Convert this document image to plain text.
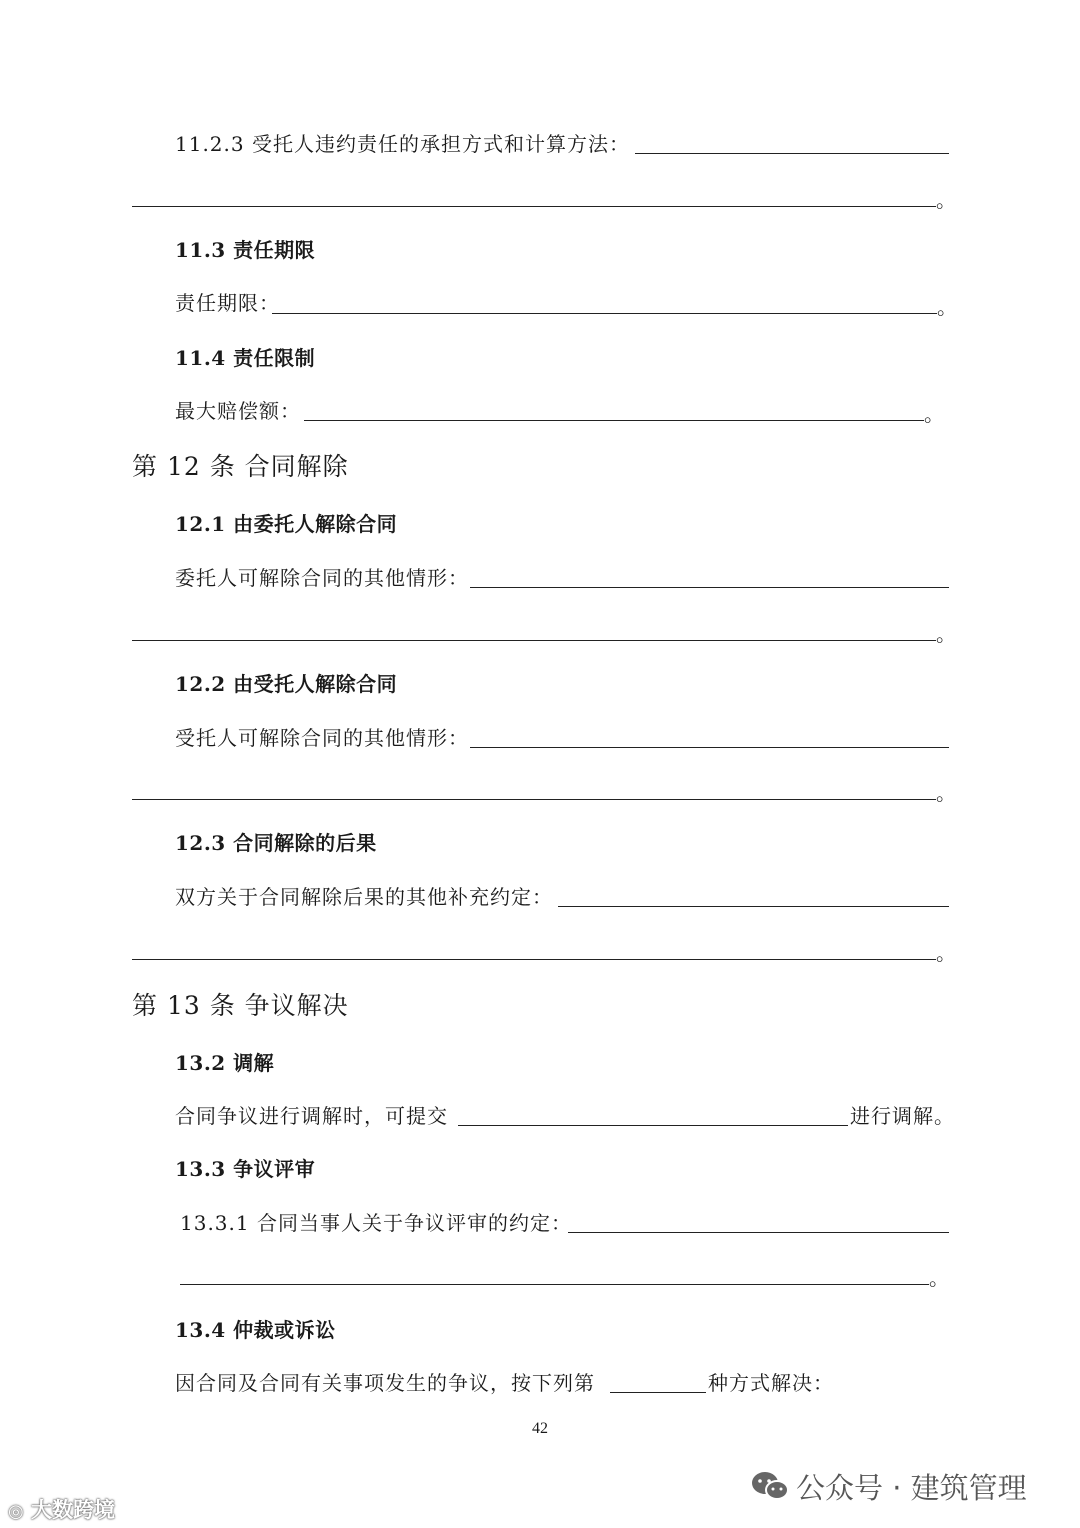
11.2.3 受托人违约责任的承担方式和计算方法：
。
11.3 责任期限
责任期限：	。
11.4 责任限制
最大赔偿额：	。
第 12 条 合同解除
12.1 由委托人解除合同
委托人可解除合同的其他情形：
。
12.2 由受托人解除合同
受托人可解除合同的其他情形：
。
12.3 合同解除的后果
双方关于合同解除后果的其他补充约定：
。
第 13 条 争议解决
13.2 调解
合同争议进行调解时，可提交	进行调解。
13.3 争议评审
13.3.1 合同当事人关于争议评审的约定：
。
13.4 仲裁或诉讼
因合同及合同有关事项发生的争议，按下列第	种方式解决：
42
◎ 大数跨境
公众号 · 建筑管理
